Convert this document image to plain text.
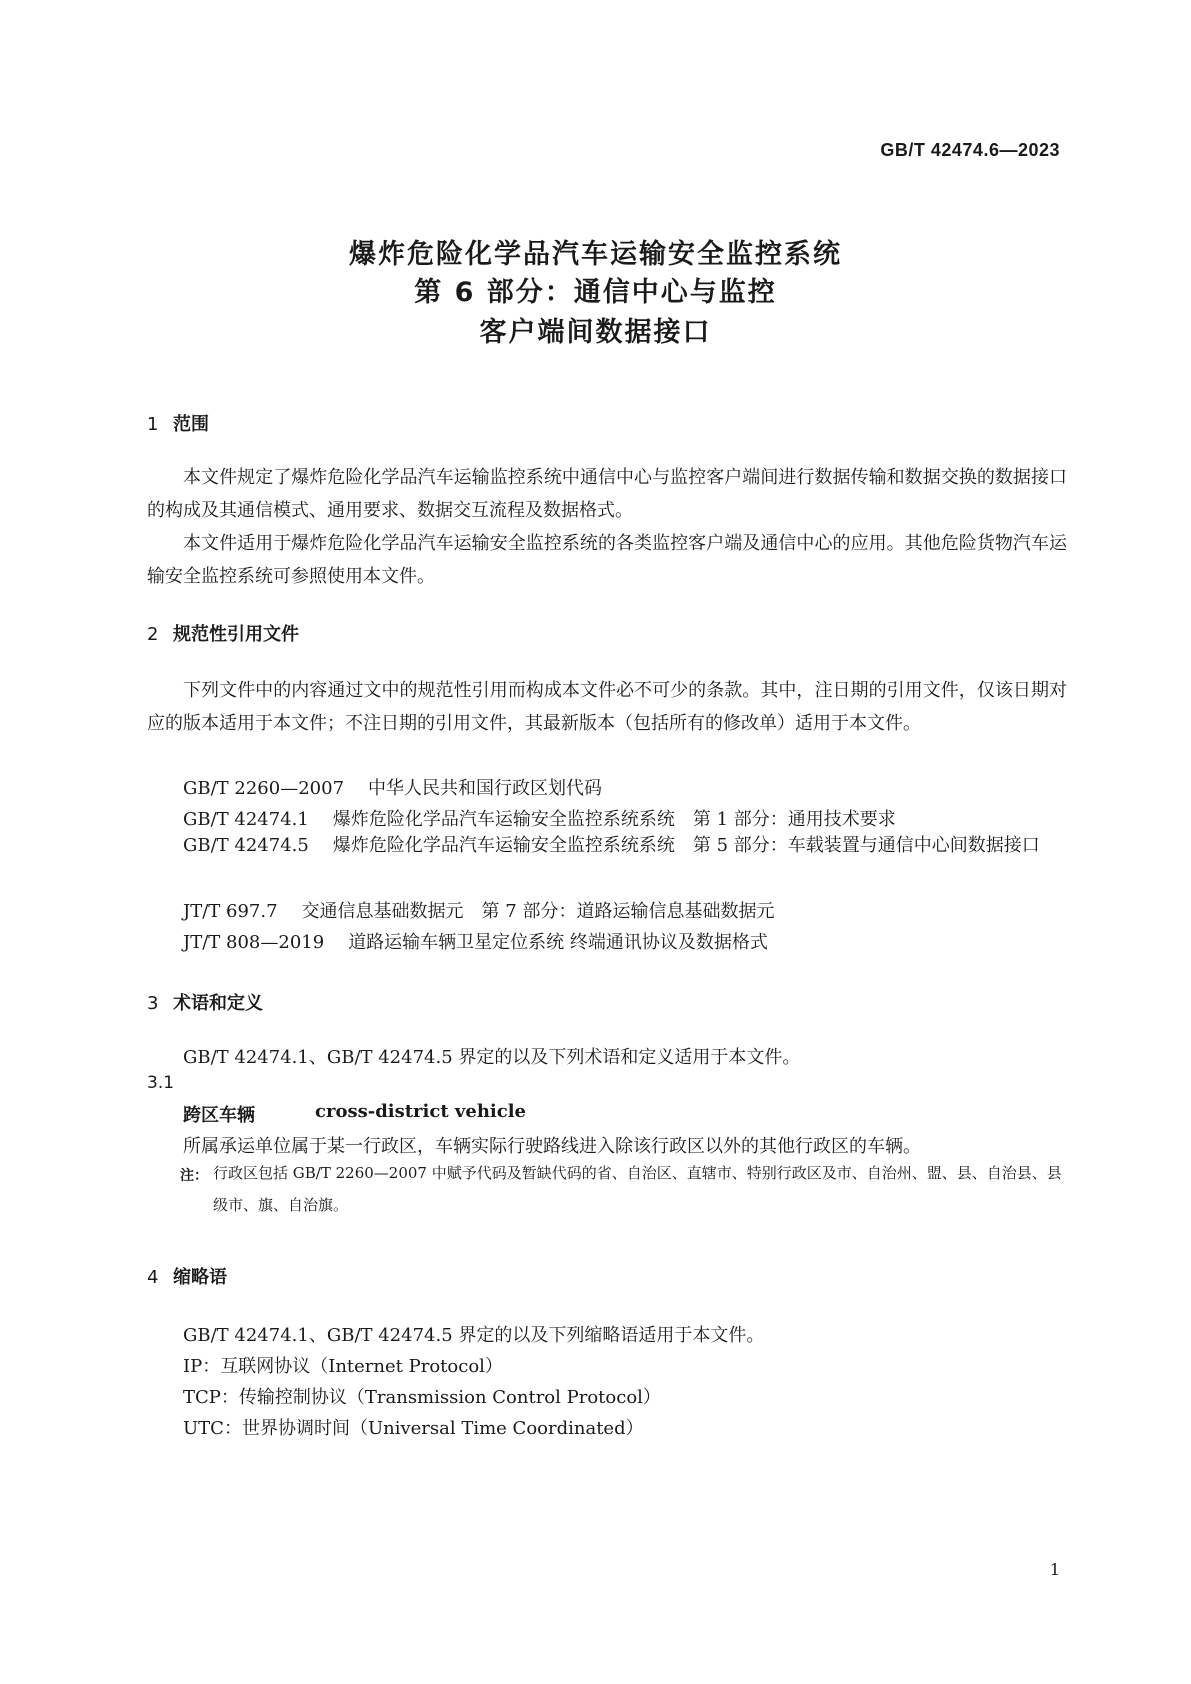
GB/T 42474.6—2023
爆炸危险化学品汽车运输安全监控系统
第 6 部分：通信中心与监控
客户端间数据接口
1 范围

本文件规定了爆炸危险化学品汽车运输监控系统中通信中心与监控客户端间进行数据传输和数据交换的数据接口的构成及其通信模式、通用要求、数据交互流程及数据格式。

本文件适用于爆炸危险化学品汽车运输安全监控系统的各类监控客户端及通信中心的应用。其他危险货物汽车运输安全监控系统可参照使用本文件。

2 规范性引用文件

下列文件中的内容通过文中的规范性引用而构成本文件必不可少的条款。其中，注日期的引用文件，仅该日期对应的版本适用于本文件；不注日期的引用文件，其最新版本（包括所有的修改单）适用于本文件。

GB/T 2260—2007 中华人民共和国行政区划代码
GB/T 42474.1 爆炸危险化学品汽车运输安全监控系统系统　第 1 部分：通用技术要求

GB/T 42474.5 爆炸危险化学品汽车运输安全监控系统系统　第 5 部分：车载装置与通信中心间数据接口

JT/T 697.7 交通信息基础数据元　第 7 部分：道路运输信息基础数据元
JT/T 808—2019 道路运输车辆卫星定位系统 终端通讯协议及数据格式
3 术语和定义
GB/T 42474.1、GB/T 42474.5 界定的以及下列术语和定义适用于本文件。
3.1
跨区车辆	cross-district vehicle
所属承运单位属于某一行政区，车辆实际行驶路线进入除该行政区以外的其他行政区的车辆。
注： 行政区包括 GB/T 2260—2007 中赋予代码及暂缺代码的省、自治区、直辖市、特别行政区及市、自治州、盟、县、自治县、县级市、旗、自治旗。

4 缩略语
GB/T 42474.1、GB/T 42474.5 界定的以及下列缩略语适用于本文件。
IP：互联网协议（Internet Protocol）
TCP：传输控制协议（Transmission Control Protocol）
UTC：世界协调时间（Universal Time Coordinated）
1
